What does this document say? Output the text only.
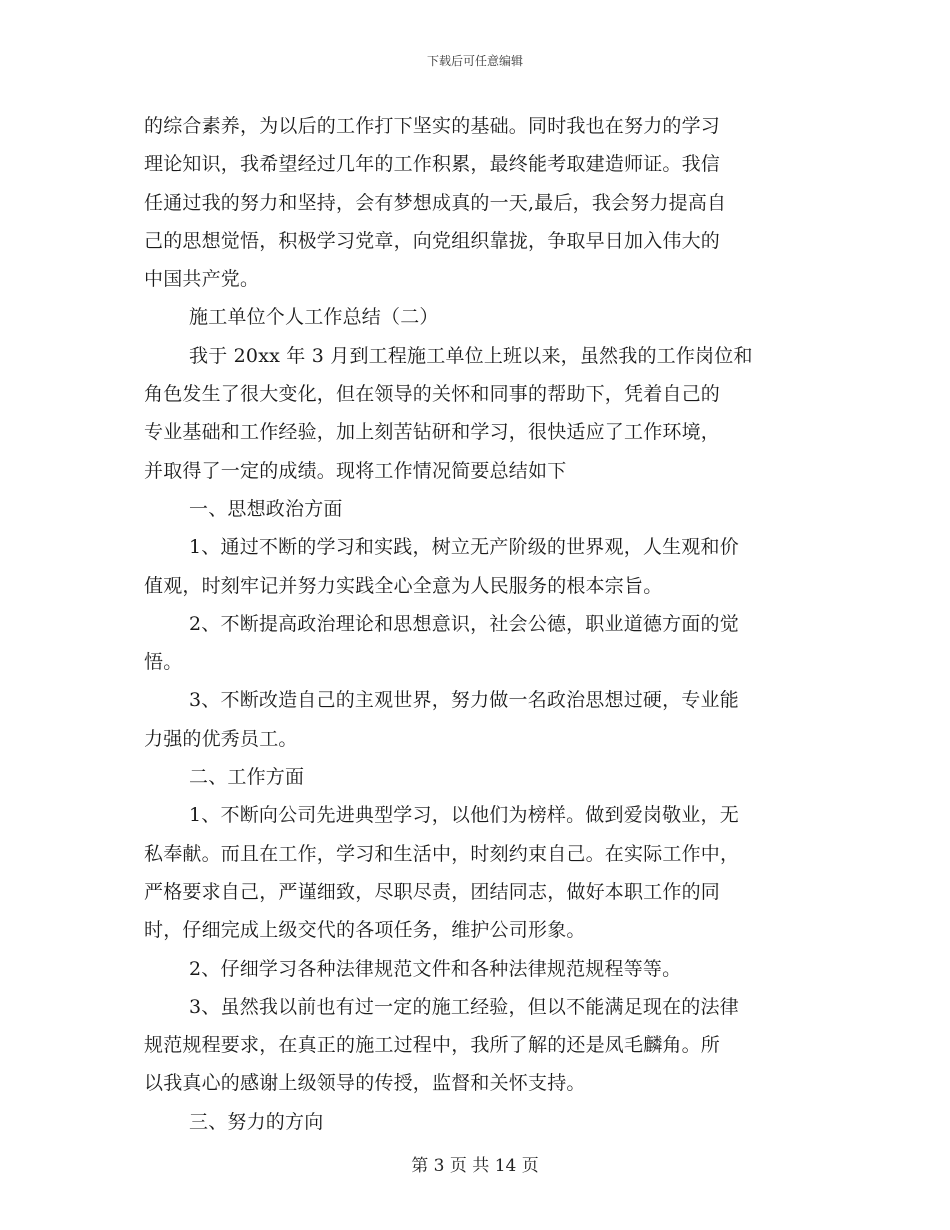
下载后可任意编辑
的综合素养，为以后的工作打下坚实的基础。同时我也在努力的学习
理论知识，我希望经过几年的工作积累，最终能考取建造师证。我信
任通过我的努力和坚持，会有梦想成真的一天,最后，我会努力提高自
己的思想觉悟，积极学习党章，向党组织靠拢，争取早日加入伟大的
中国共产党。
施工单位个人工作总结（二）
我于 20xx 年 3 月到工程施工单位上班以来，虽然我的工作岗位和
角色发生了很大变化，但在领导的关怀和同事的帮助下，凭着自己的
专业基础和工作经验，加上刻苦钻研和学习，很快适应了工作环境，
并取得了一定的成绩。现将工作情况简要总结如下
一、思想政治方面
1、通过不断的学习和实践，树立无产阶级的世界观，人生观和价
值观，时刻牢记并努力实践全心全意为人民服务的根本宗旨。
2、不断提高政治理论和思想意识，社会公德，职业道德方面的觉
悟。
3、不断改造自己的主观世界，努力做一名政治思想过硬，专业能
力强的优秀员工。
二、工作方面
1、不断向公司先进典型学习，以他们为榜样。做到爱岗敬业，无
私奉献。而且在工作，学习和生活中，时刻约束自己。在实际工作中，
严格要求自己，严谨细致，尽职尽责，团结同志，做好本职工作的同
时，仔细完成上级交代的各项任务，维护公司形象。
2、仔细学习各种法律规范文件和各种法律规范规程等等。
3、虽然我以前也有过一定的施工经验，但以不能满足现在的法律
规范规程要求，在真正的施工过程中，我所了解的还是凤毛麟角。所
以我真心的感谢上级领导的传授，监督和关怀支持。
三、努力的方向
第 3 页 共 14 页
